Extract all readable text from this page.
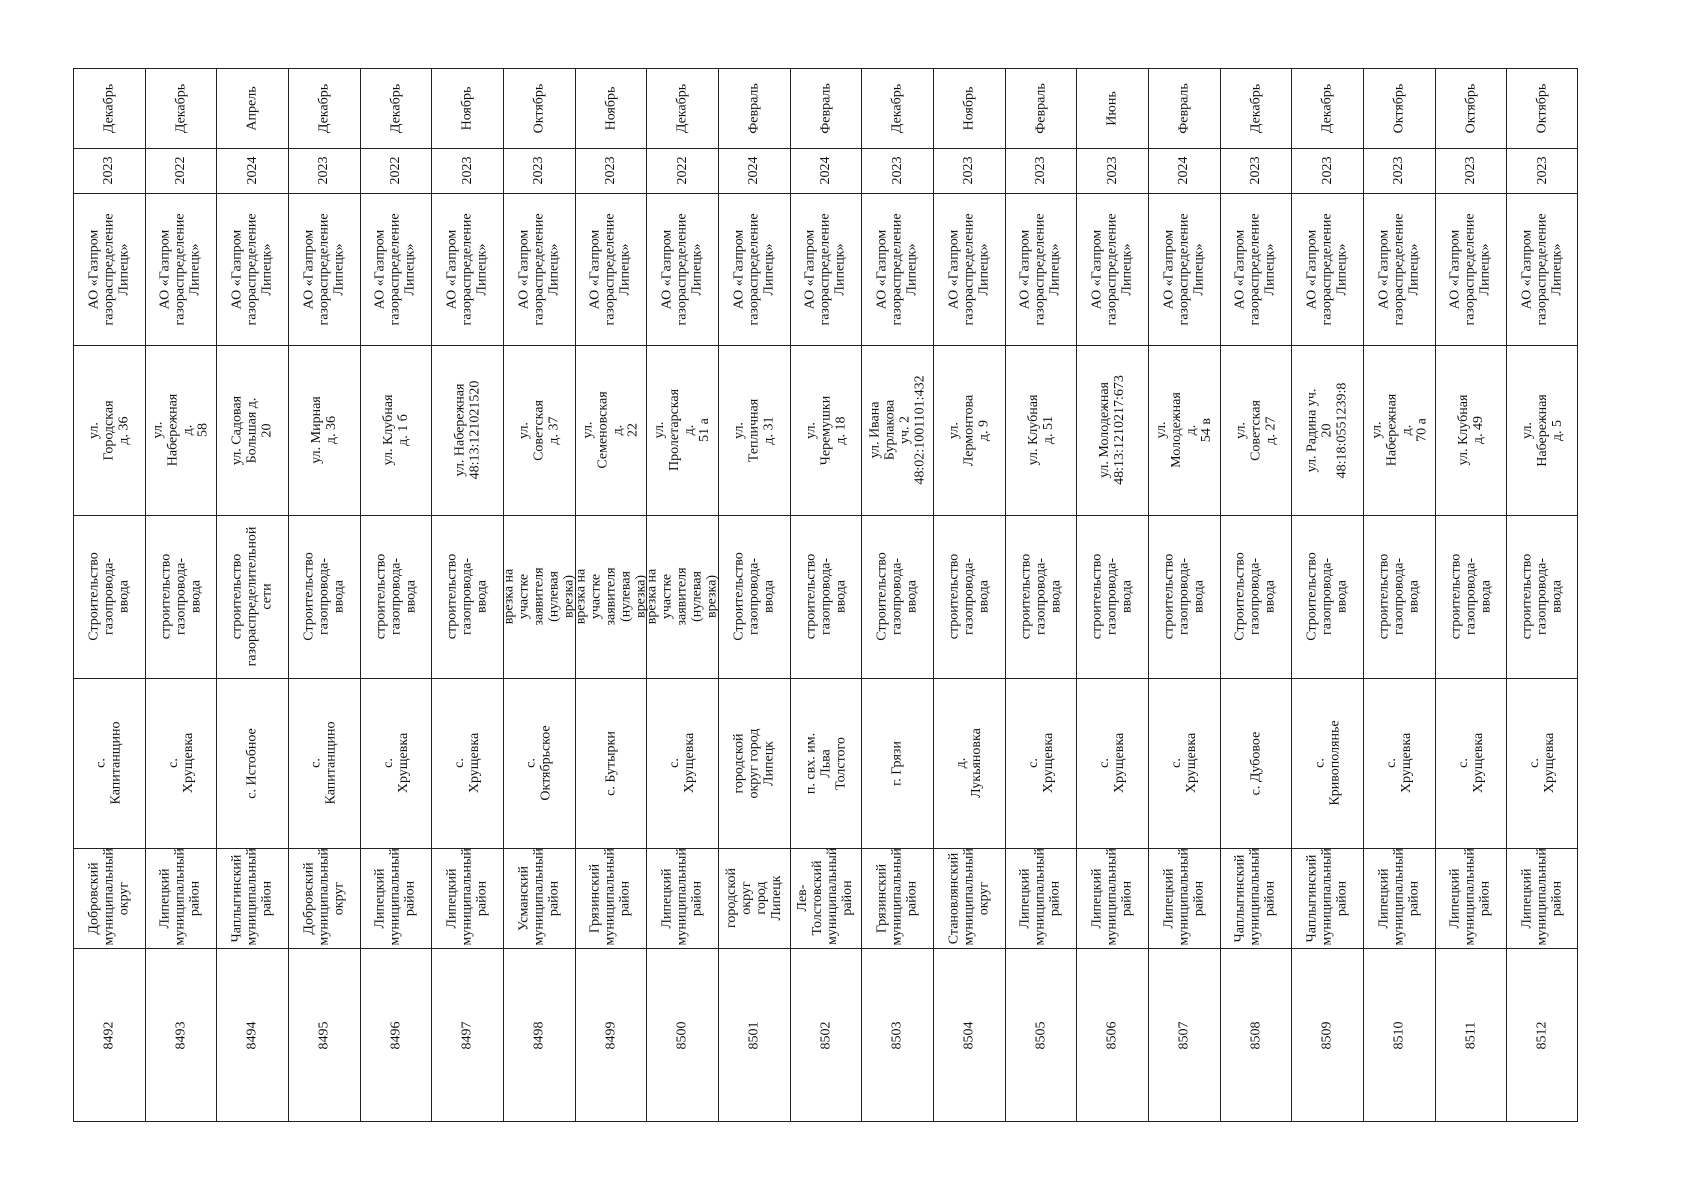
Декабрь
2023
АО «Газпром
газораспределение
Липецк»
ул. Городская д. 36
Строительство
газопровода-ввода
с. Капитанщино
Добровский
муниципальный
округ
8492
Декабрь
2022
АО «Газпром
газораспределение
Липецк»
ул. Набережная д.
58
строительство
газопровода-ввода
с. Хрущевка
Липецкий
муниципальный
район
8493
Апрель
2024
АО «Газпром
газораспределение
Липецк»
ул. Садовая
Большая д. 20
строительство
газораспределительной
сети
с. Истобное
Чаплыгинский
муниципальный
район
8494
Декабрь
2023
АО «Газпром
газораспределение
Липецк»
ул. Мирная д. 36
Строительство
газопровода-ввода
с. Капитанщино
Добровский
муниципальный
округ
8495
Декабрь
2022
АО «Газпром
газораспределение
Липецк»
ул. Клубная д. 1 б
строительство
газопровода-ввода
с. Хрущевка
Липецкий
муниципальный
район
8496
Ноябрь
2023
АО «Газпром
газораспределение
Липецк»
ул. Набережная
48:13:121021520
строительство
газопровода-ввода
с. Хрущевка
Липецкий
муниципальный
район
8497
Октябрь
2023
АО «Газпром
газораспределение
Липецк»
ул. Советская д. 37
врезка на участке
заявителя (нулевая
врезка)
с. Октябрьское
Усманский
муниципальный
район
8498
Ноябрь
2023
АО «Газпром
газораспределение
Липецк»
ул. Семеновская д.
22
врезка на участке
заявителя (нулевая
врезка)
с. Бутырки
Грязинский
муниципальный
район
8499
Декабрь
2022
АО «Газпром
газораспределение
Липецк»
ул. Пролетарская д.
51 а
врезка на участке
заявителя (нулевая
врезка)
с. Хрущевка
Липецкий
муниципальный
район
8500
Февраль
2024
АО «Газпром
газораспределение
Липецк»
ул. Тепличная д. 31
Строительство
газопровода-ввода
городской округ город
Липецк
городской округ
город Липецк
8501
Февраль
2024
АО «Газпром
газораспределение
Липецк»
ул. Черемушки д. 18
строительство
газопровода-ввода
п. свх. им. Льва
Толстого
Лев-
Толстовский
муниципальный
район
8502
Декабрь
2023
АО «Газпром
газораспределение
Липецк»
ул. Ивана Бурлакова
уч. 2
48:02:1001101:432
Строительство
газопровода-ввода
г. Грязи
Грязинский
муниципальный
район
8503
Ноябрь
2023
АО «Газпром
газораспределение
Липецк»
ул. Лермонтова д. 9
строительство
газопровода-ввода
д. Лукьяновка
Становлянский
муниципальный
округ
8504
Февраль
2023
АО «Газпром
газораспределение
Липецк»
ул. Клубная д. 51
строительство
газопровода-ввода
с. Хрущевка
Липецкий
муниципальный
район
8505
Июнь
2023
АО «Газпром
газораспределение
Липецк»
ул. Молодежная
48:13:1210217:673
строительство
газопровода-ввода
с. Хрущевка
Липецкий
муниципальный
район
8506
Февраль
2024
АО «Газпром
газораспределение
Липецк»
ул. Молодежная д.
54 в
строительство
газопровода-ввода
с. Хрущевка
Липецкий
муниципальный
район
8507
Декабрь
2023
АО «Газпром
газораспределение
Липецк»
ул. Советская д. 27
Строительство
газопровода-ввода
с. Дубовое
Чаплыгинский
муниципальный
район
8508
Декабрь
2023
АО «Газпром
газораспределение
Липецк»
ул. Радина уч. 20
48:18:0551239:8
Строительство
газопровода-ввода
с. Кривополянье
Чаплыгинский
муниципальный
район
8509
Октябрь
2023
АО «Газпром
газораспределение
Липецк»
ул. Набережная д.
70 а
строительство
газопровода-ввода
с. Хрущевка
Липецкий
муниципальный
район
8510
Октябрь
2023
АО «Газпром
газораспределение
Липецк»
ул. Клубная д. 49
строительство
газопровода-ввода
с. Хрущевка
Липецкий
муниципальный
район
8511
Октябрь
2023
АО «Газпром
газораспределение
Липецк»
ул. Набережная д. 5
строительство
газопровода-ввода
с. Хрущевка
Липецкий
муниципальный
район
8512
